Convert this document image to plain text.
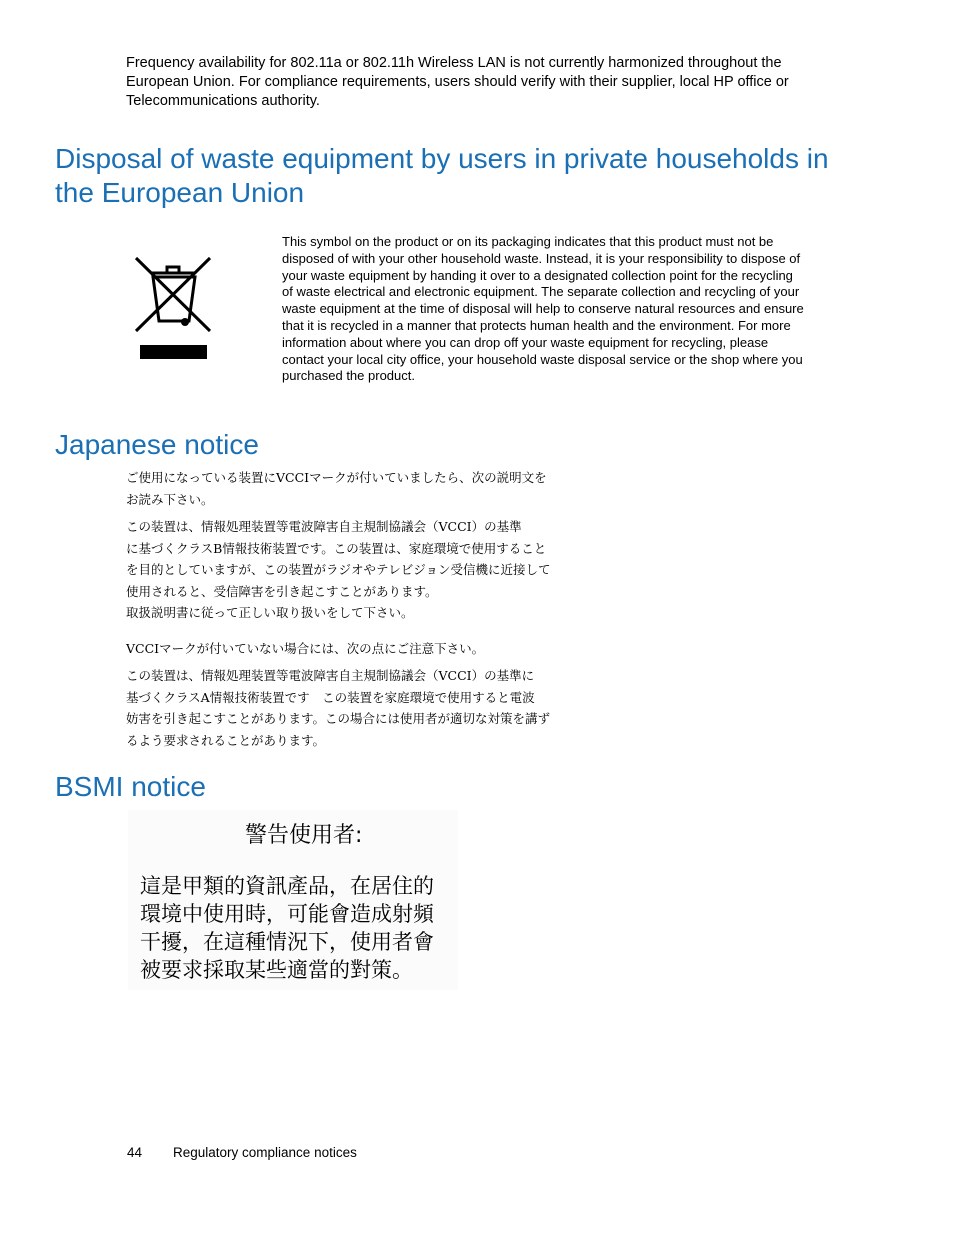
Frequency availability for 802.11a or 802.11h Wireless LAN is not currently harmonized throughout the European Union. For compliance requirements, users should verify with their supplier, local HP office or Telecommunications authority.

Disposal of waste equipment by users in private households in the European Union

This symbol on the product or on its packaging indicates that this product must not be disposed of with your other household waste. Instead, it is your responsibility to dispose of your waste equipment by handing it over to a designated collection point for the recycling of waste electrical and electronic equipment. The separate collection and recycling of your waste equipment at the time of disposal will help to conserve natural resources and ensure that it is recycled in a manner that protects human health and the environment. For more information about where you can drop off your waste equipment for recycling, please contact your local city office, your household waste disposal service or the shop where you purchased the product.

Japanese notice
ご使用になっている装置にVCCIマークが付いていましたら、次の説明文を
お読み下さい。
この装置は、情報処理装置等電波障害自主規制協議会（VCCI）の基準
に基づくクラスB情報技術装置です。この装置は、家庭環境で使用すること
を目的としていますが、この装置がラジオやテレビジョン受信機に近接して
使用されると、受信障害を引き起こすことがあります。
取扱説明書に従って正しい取り扱いをして下さい。
VCCIマークが付いていない場合には、次の点にご注意下さい。
この装置は、情報処理装置等電波障害自主規制協議会（VCCI）の基準に
基づくクラスA情報技術装置です　この装置を家庭環境で使用すると電波
妨害を引き起こすことがあります。この場合には使用者が適切な対策を講ず
るよう要求されることがあります。
BSMI notice

警告使用者:

這是甲類的資訊產品，在居住的
環境中使用時，可能會造成射頻
干擾，在這種情況下，使用者會
被要求採取某些適當的對策。

44 Regulatory compliance notices
